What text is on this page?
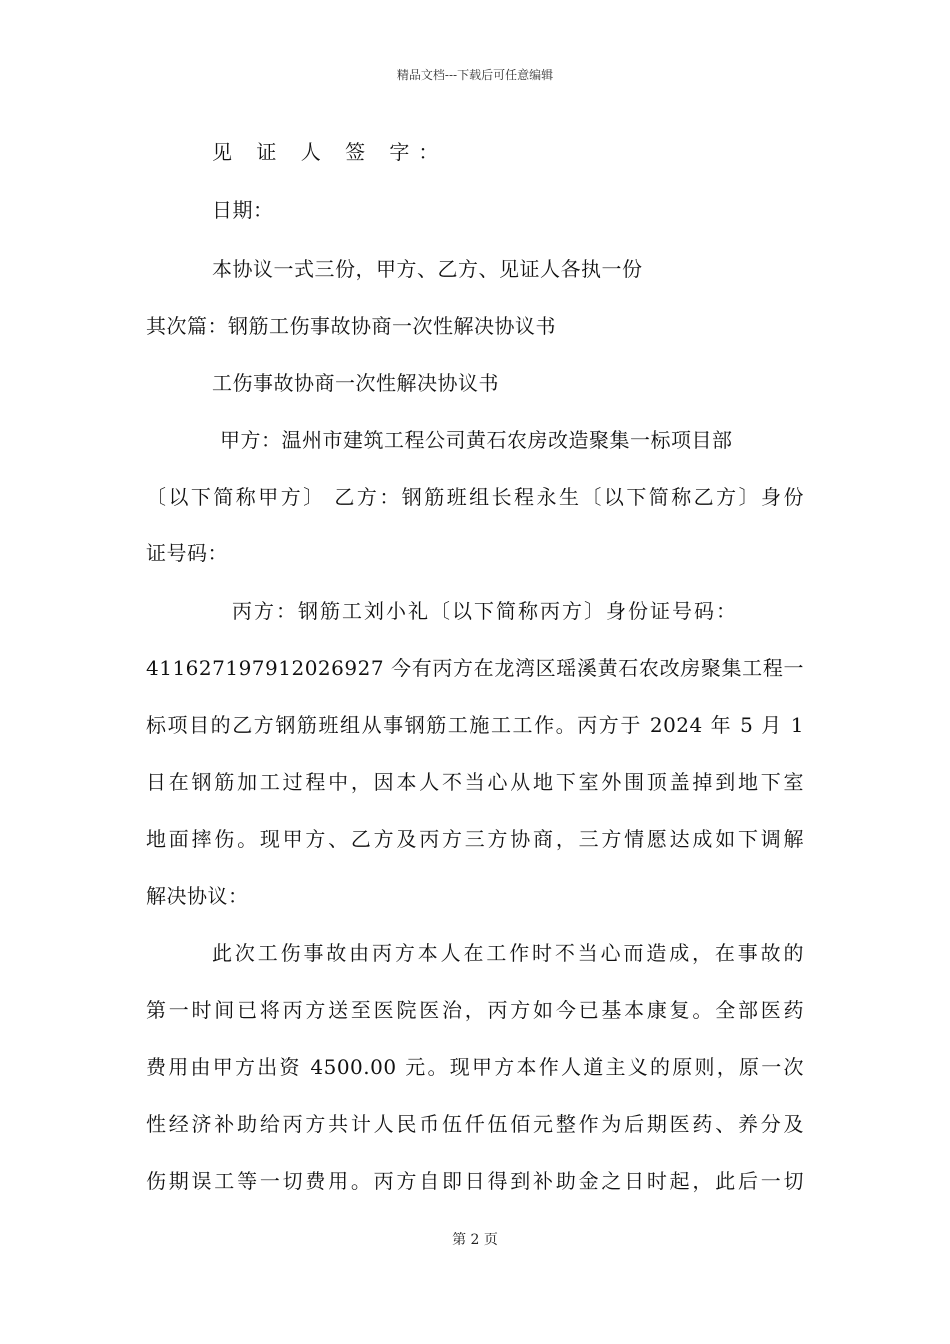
精品文档---下载后可任意编辑
见 证 人 签 字：
日期：
本协议一式三份，甲方、乙方、见证人各执一份
其次篇：钢筋工伤事故协商一次性解决协议书
工伤事故协商一次性解决协议书
甲方：温州市建筑工程公司黄石农房改造聚集一标项目部
〔以下简称甲方〕 乙方：钢筋班组长程永生〔以下简称乙方〕身份
证号码：
丙方：钢筋工刘小礼〔以下简称丙方〕身份证号码：
411627197912026927 今有丙方在龙湾区瑶溪黄石农改房聚集工程一
标项目的乙方钢筋班组从事钢筋工施工工作。丙方于 2024 年 5 月 1
日在钢筋加工过程中，因本人不当心从地下室外围顶盖掉到地下室
地面摔伤。现甲方、乙方及丙方三方协商，三方情愿达成如下调解
解决协议：
此次工伤事故由丙方本人在工作时不当心而造成，在事故的
第一时间已将丙方送至医院医治，丙方如今已基本康复。全部医药
费用由甲方出资 4500.00 元。现甲方本作人道主义的原则，原一次
性经济补助给丙方共计人民币伍仟伍佰元整作为后期医药、养分及
伤期误工等一切费用。丙方自即日得到补助金之日时起，此后一切
第 2 页
